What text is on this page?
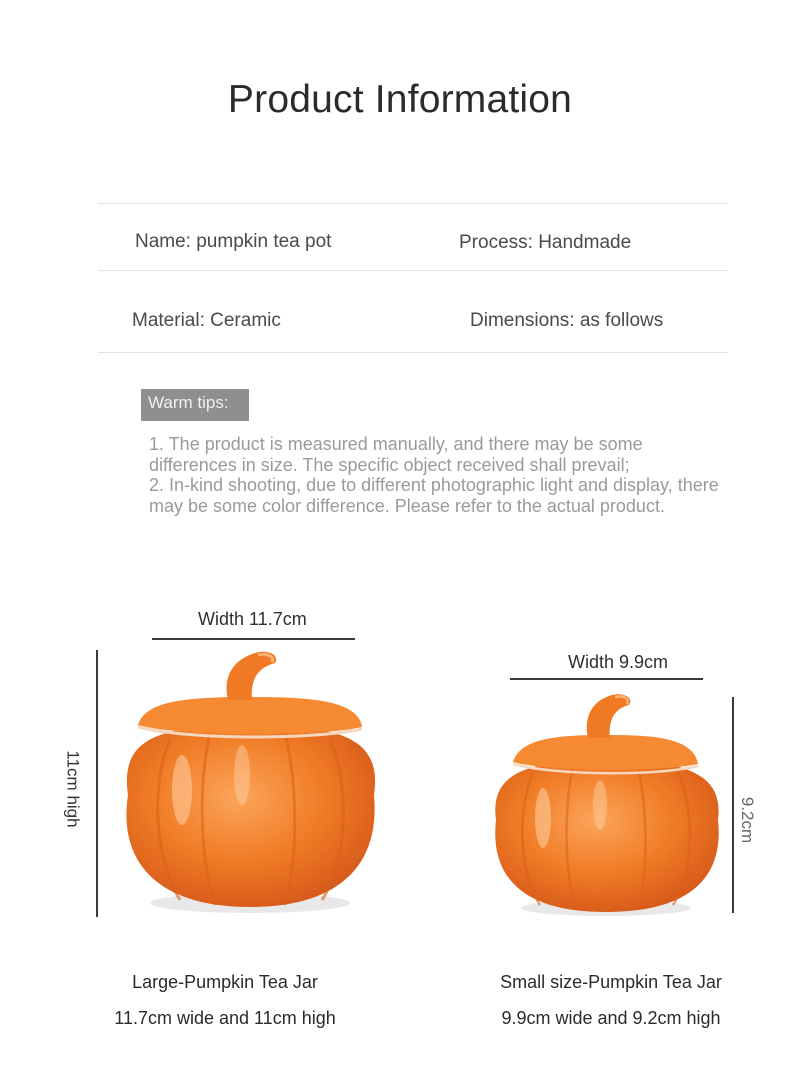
Product Information
Name: pumpkin tea pot	Process: Handmade
Material: Ceramic	Dimensions: as follows
Warm tips:

1. The product is measured manually, and there may be some differences in size. The specific object received shall prevail;

2. In-kind shooting, due to different photographic light and display, there may be some color difference. Please refer to the actual product.

Width 11.7cm
11cm high
Width 9.9cm
9.2cm
Large-Pumpkin Tea Jar
11.7cm wide and 11cm high
Small size-Pumpkin Tea Jar
9.9cm wide and 9.2cm high
